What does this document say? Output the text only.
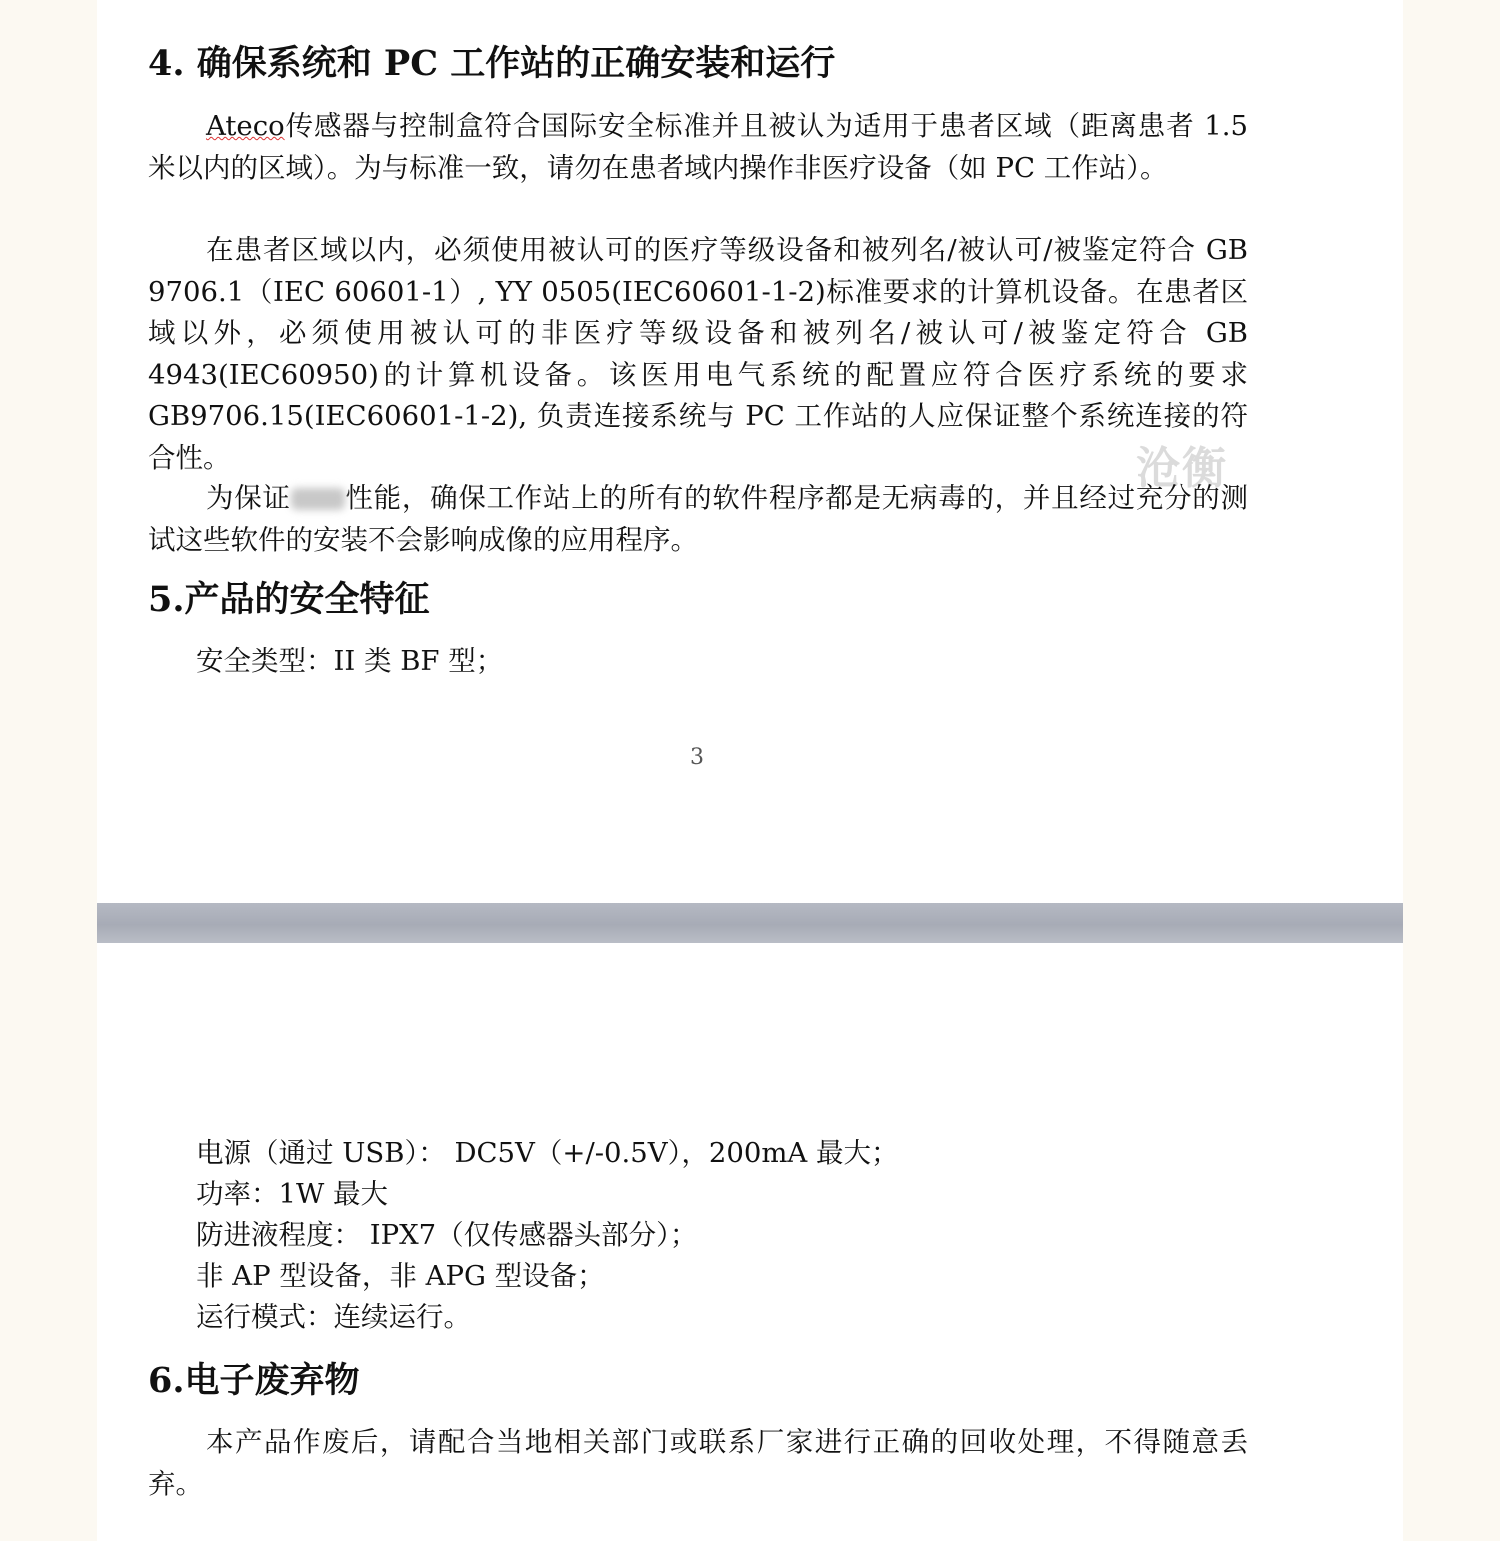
4. 确保系统和 PC 工作站的正确安装和运行

Ateco传感器与控制盒符合国际安全标准并且被认为适用于患者区域（距离患者 1.5 米以内的区域）。为与标准一致，请勿在患者域内操作非医疗设备（如 PC 工作站）。

在患者区域以内，必须使用被认可的医疗等级设备和被列名/被认可/被鉴定符合 GB 9706.1（IEC 60601-1）, YY 0505(IEC60601-1-2)标准要求的计算机设备。在患者区域以外，必须使用被认可的非医疗等级设备和被列名/被认可/被鉴定符合 GB 4943(IEC60950)的计算机设备。该医用电气系统的配置应符合医疗系统的要求 GB9706.15(IEC60601-1-2), 负责连接系统与 PC 工作站的人应保证整个系统连接的符合性。	沧衡

为保证 性能，确保工作站上的所有的软件程序都是无病毒的，并且经过充分的测试这些软件的安装不会影响成像的应用程序。

5.产品的安全特征

安全类型：II 类 BF 型；

3

电源（通过 USB）： DC5V（+/-0.5V），200mA 最大；

功率：1W 最大

防进液程度： IPX7（仅传感器头部分）；

非 AP 型设备，非 APG 型设备；

运行模式：连续运行。

6.电子废弃物

本产品作废后，请配合当地相关部门或联系厂家进行正确的回收处理，不得随意丢弃。
